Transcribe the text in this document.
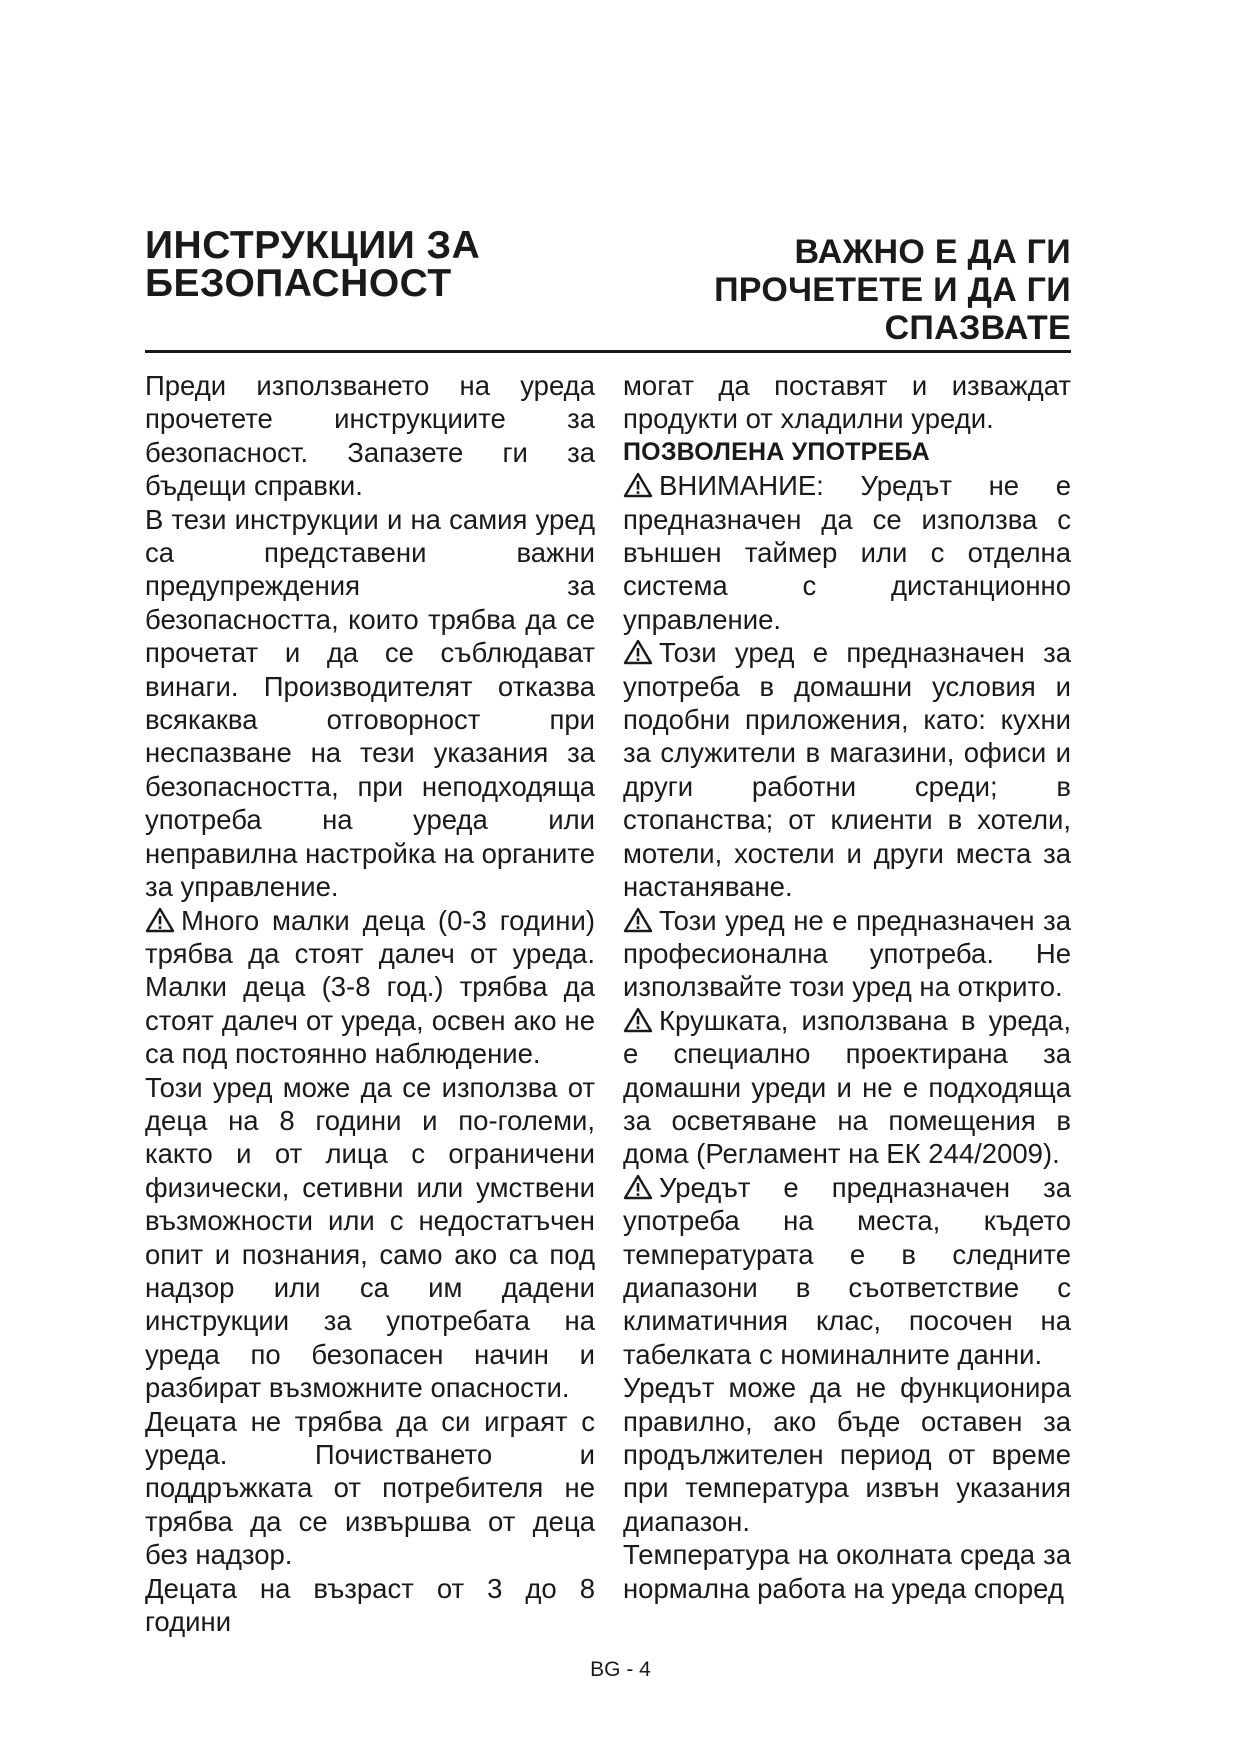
ИНСТРУКЦИИ ЗА
БЕЗОПАСНОСТ
ВАЖНО Е ДА ГИ
ПРОЧЕТЕТЕ И ДА ГИ
СПАЗВАТЕ

Преди използването на уреда прочетете инструкциите за безопасност. Запазете ги за бъдещи справки.

В тези инструкции и на самия уред са представени важни предупреждения за безопасността, които трябва да се прочетат и да се съблюдават винаги. Производителят отказва всякаква отговорност при неспазване на тези указания за безопасността, при неподходяща употреба на уреда или неправилна настройка на органите за управление.

Много малки деца (0-3 години) трябва да стоят далеч от уреда. Малки деца (3-8 год.) трябва да стоят далеч от уреда, освен ако не са под постоянно наблюдение.

Този уред може да се използва от деца на 8 години и по-големи, както и от лица с ограничени физически, сетивни или умствени възможности или с недостатъчен опит и познания, само ако са под надзор или са им дадени инструкции за употребата на уреда по безопасен начин и разбират възможните опасности.

Децата не трябва да си играят с уреда. Почистването и поддръжката от потребителя не трябва да се извършва от деца без надзор.

Децата на възраст от 3 до 8 години

могат да поставят и изваждат продукти от хладилни уреди.

ПОЗВОЛЕНА УПОТРЕБА

ВНИМАНИЕ: Уредът не е предназначен да се използва с външен таймер или с отделна система с дистанционно управление.

Този уред е предназначен за употреба в домашни условия и подобни приложения, като: кухни за служители в магазини, офиси и други работни среди; в стопанства; от клиенти в хотели, мотели, хостели и други места за настаняване.

Този уред не е предназначен за професионална употреба. Не използвайте този уред на открито.

Крушката, използвана в уреда, е специално проектирана за домашни уреди и не е подходяща за осветяване на помещения в дома (Регламент на ЕК 244/2009).

Уредът е предназначен за употреба на места, където температурата е в следните диапазони в съответствие с климатичния клас, посочен на табелката с номиналните данни.

Уредът може да не функционира правилно, ако бъде оставен за продължителен период от време при температура извън указания диапазон.

Температура на околната среда за нормална работа на уреда според

BG - 4
